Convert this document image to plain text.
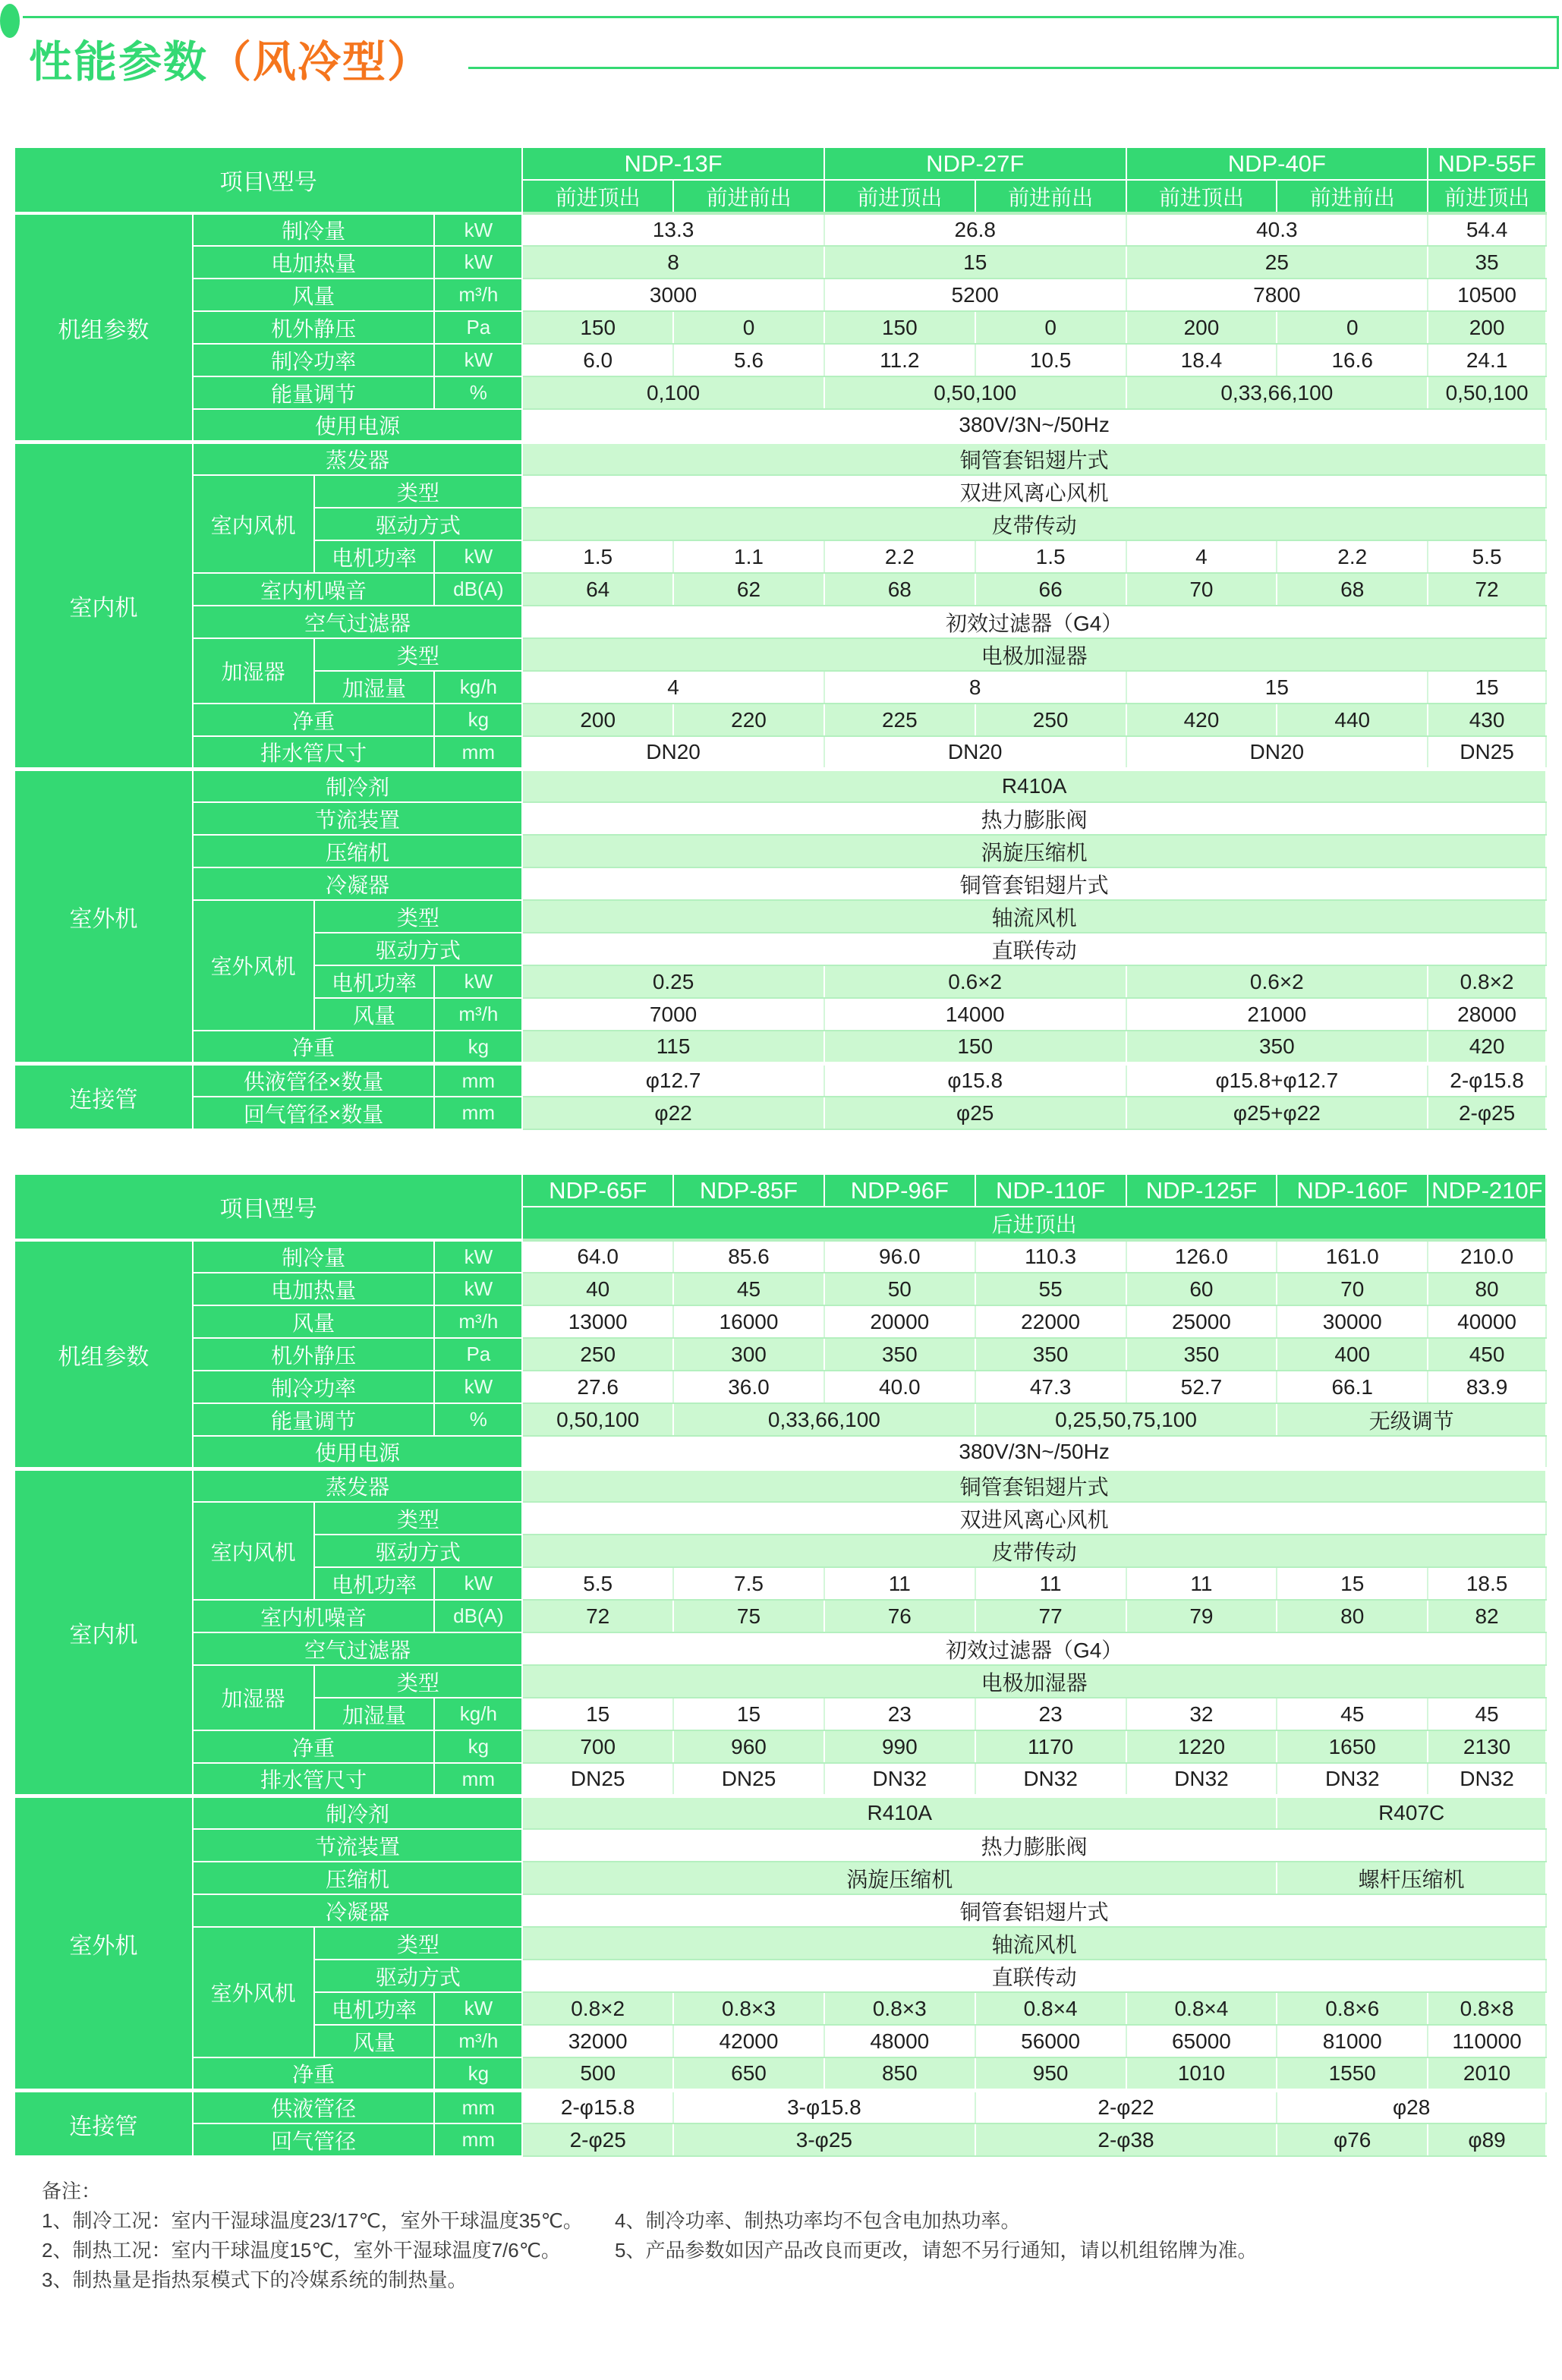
性能参数（风冷型）
项目\型号				NDP-13F		NDP-27F		NDP-40F		NDP-55F
				前进顶出	前进前出	前进顶出	前进前出	前进顶出	前进前出	前进顶出
机组参数	制冷量		kW	13.3		26.8		40.3		54.4
	电加热量		kW	8		15		25		35
	风量		m³/h	3000		5200		7800		10500
	机外静压		Pa	150	0	150	0	200	0	200
	制冷功率		kW	6.0	5.6	11.2	10.5	18.4	16.6	24.1
	能量调节		%	0,100		0,50,100		0,33,66,100		0,50,100
	使用电源			380V/3N~/50Hz						
室内机	蒸发器			铜管套铝翅片式						
	室内风机	类型		双进风离心风机						
		驱动方式		皮带传动						
		电机功率	kW	1.5	1.1	2.2	1.5	4	2.2	5.5
	室内机噪音		dB(A)	64	62	68	66	70	68	72
	空气过滤器			初效过滤器（G4）						
	加湿器	类型		电极加湿器						
		加湿量	kg/h	4		8		15		15
	净重		kg	200	220	225	250	420	440	430
	排水管尺寸		mm	DN20		DN20		DN20		DN25
室外机	制冷剂			R410A						
	节流装置			热力膨胀阀						
	压缩机			涡旋压缩机						
	冷凝器			铜管套铝翅片式						
	室外风机	类型		轴流风机						
		驱动方式		直联传动						
		电机功率	kW	0.25		0.6×2		0.6×2		0.8×2
		风量	m³/h	7000		14000		21000		28000
	净重		kg	115		150		350		420
连接管	供液管径×数量		mm	φ12.7		φ15.8		φ15.8+φ12.7		2-φ15.8
	回气管径×数量		mm	φ22		φ25		φ25+φ22		2-φ25
项目\型号				NDP-65F	NDP-85F	NDP-96F	NDP-110F	NDP-125F	NDP-160F	NDP-210F
				后进顶出						
机组参数	制冷量		kW	64.0	85.6	96.0	110.3	126.0	161.0	210.0
	电加热量		kW	40	45	50	55	60	70	80
	风量		m³/h	13000	16000	20000	22000	25000	30000	40000
	机外静压		Pa	250	300	350	350	350	400	450
	制冷功率		kW	27.6	36.0	40.0	47.3	52.7	66.1	83.9
	能量调节		%	0,50,100	0,33,66,100		0,25,50,75,100		无级调节	
	使用电源			380V/3N~/50Hz						
室内机	蒸发器			铜管套铝翅片式						
	室内风机	类型		双进风离心风机						
		驱动方式		皮带传动						
		电机功率	kW	5.5	7.5	11	11	11	15	18.5
	室内机噪音		dB(A)	72	75	76	77	79	80	82
	空气过滤器			初效过滤器（G4）						
	加湿器	类型		电极加湿器						
		加湿量	kg/h	15	15	23	23	32	45	45
	净重		kg	700	960	990	1170	1220	1650	2130
	排水管尺寸		mm	DN25	DN25	DN32	DN32	DN32	DN32	DN32
室外机	制冷剂			R410A					R407C	
	节流装置			热力膨胀阀						
	压缩机			涡旋压缩机					螺杆压缩机	
	冷凝器			铜管套铝翅片式						
	室外风机	类型		轴流风机						
		驱动方式		直联传动						
		电机功率	kW	0.8×2	0.8×3	0.8×3	0.8×4	0.8×4	0.8×6	0.8×8
		风量	m³/h	32000	42000	48000	56000	65000	81000	110000
	净重		kg	500	650	850	950	1010	1550	2010
连接管	供液管径		mm	2-φ15.8	3-φ15.8		2-φ22		φ28	
	回气管径		mm	2-φ25	3-φ25		2-φ38		φ76	φ89
备注：
1、制冷工况：室内干湿球温度23/17℃，室外干球温度35℃。
2、制热工况：室内干球温度15℃，室外干湿球温度7/6℃。
3、制热量是指热泵模式下的冷媒系统的制热量。
4、制冷功率、制热功率均不包含电加热功率。
5、产品参数如因产品改良而更改，请恕不另行通知，请以机组铭牌为准。
